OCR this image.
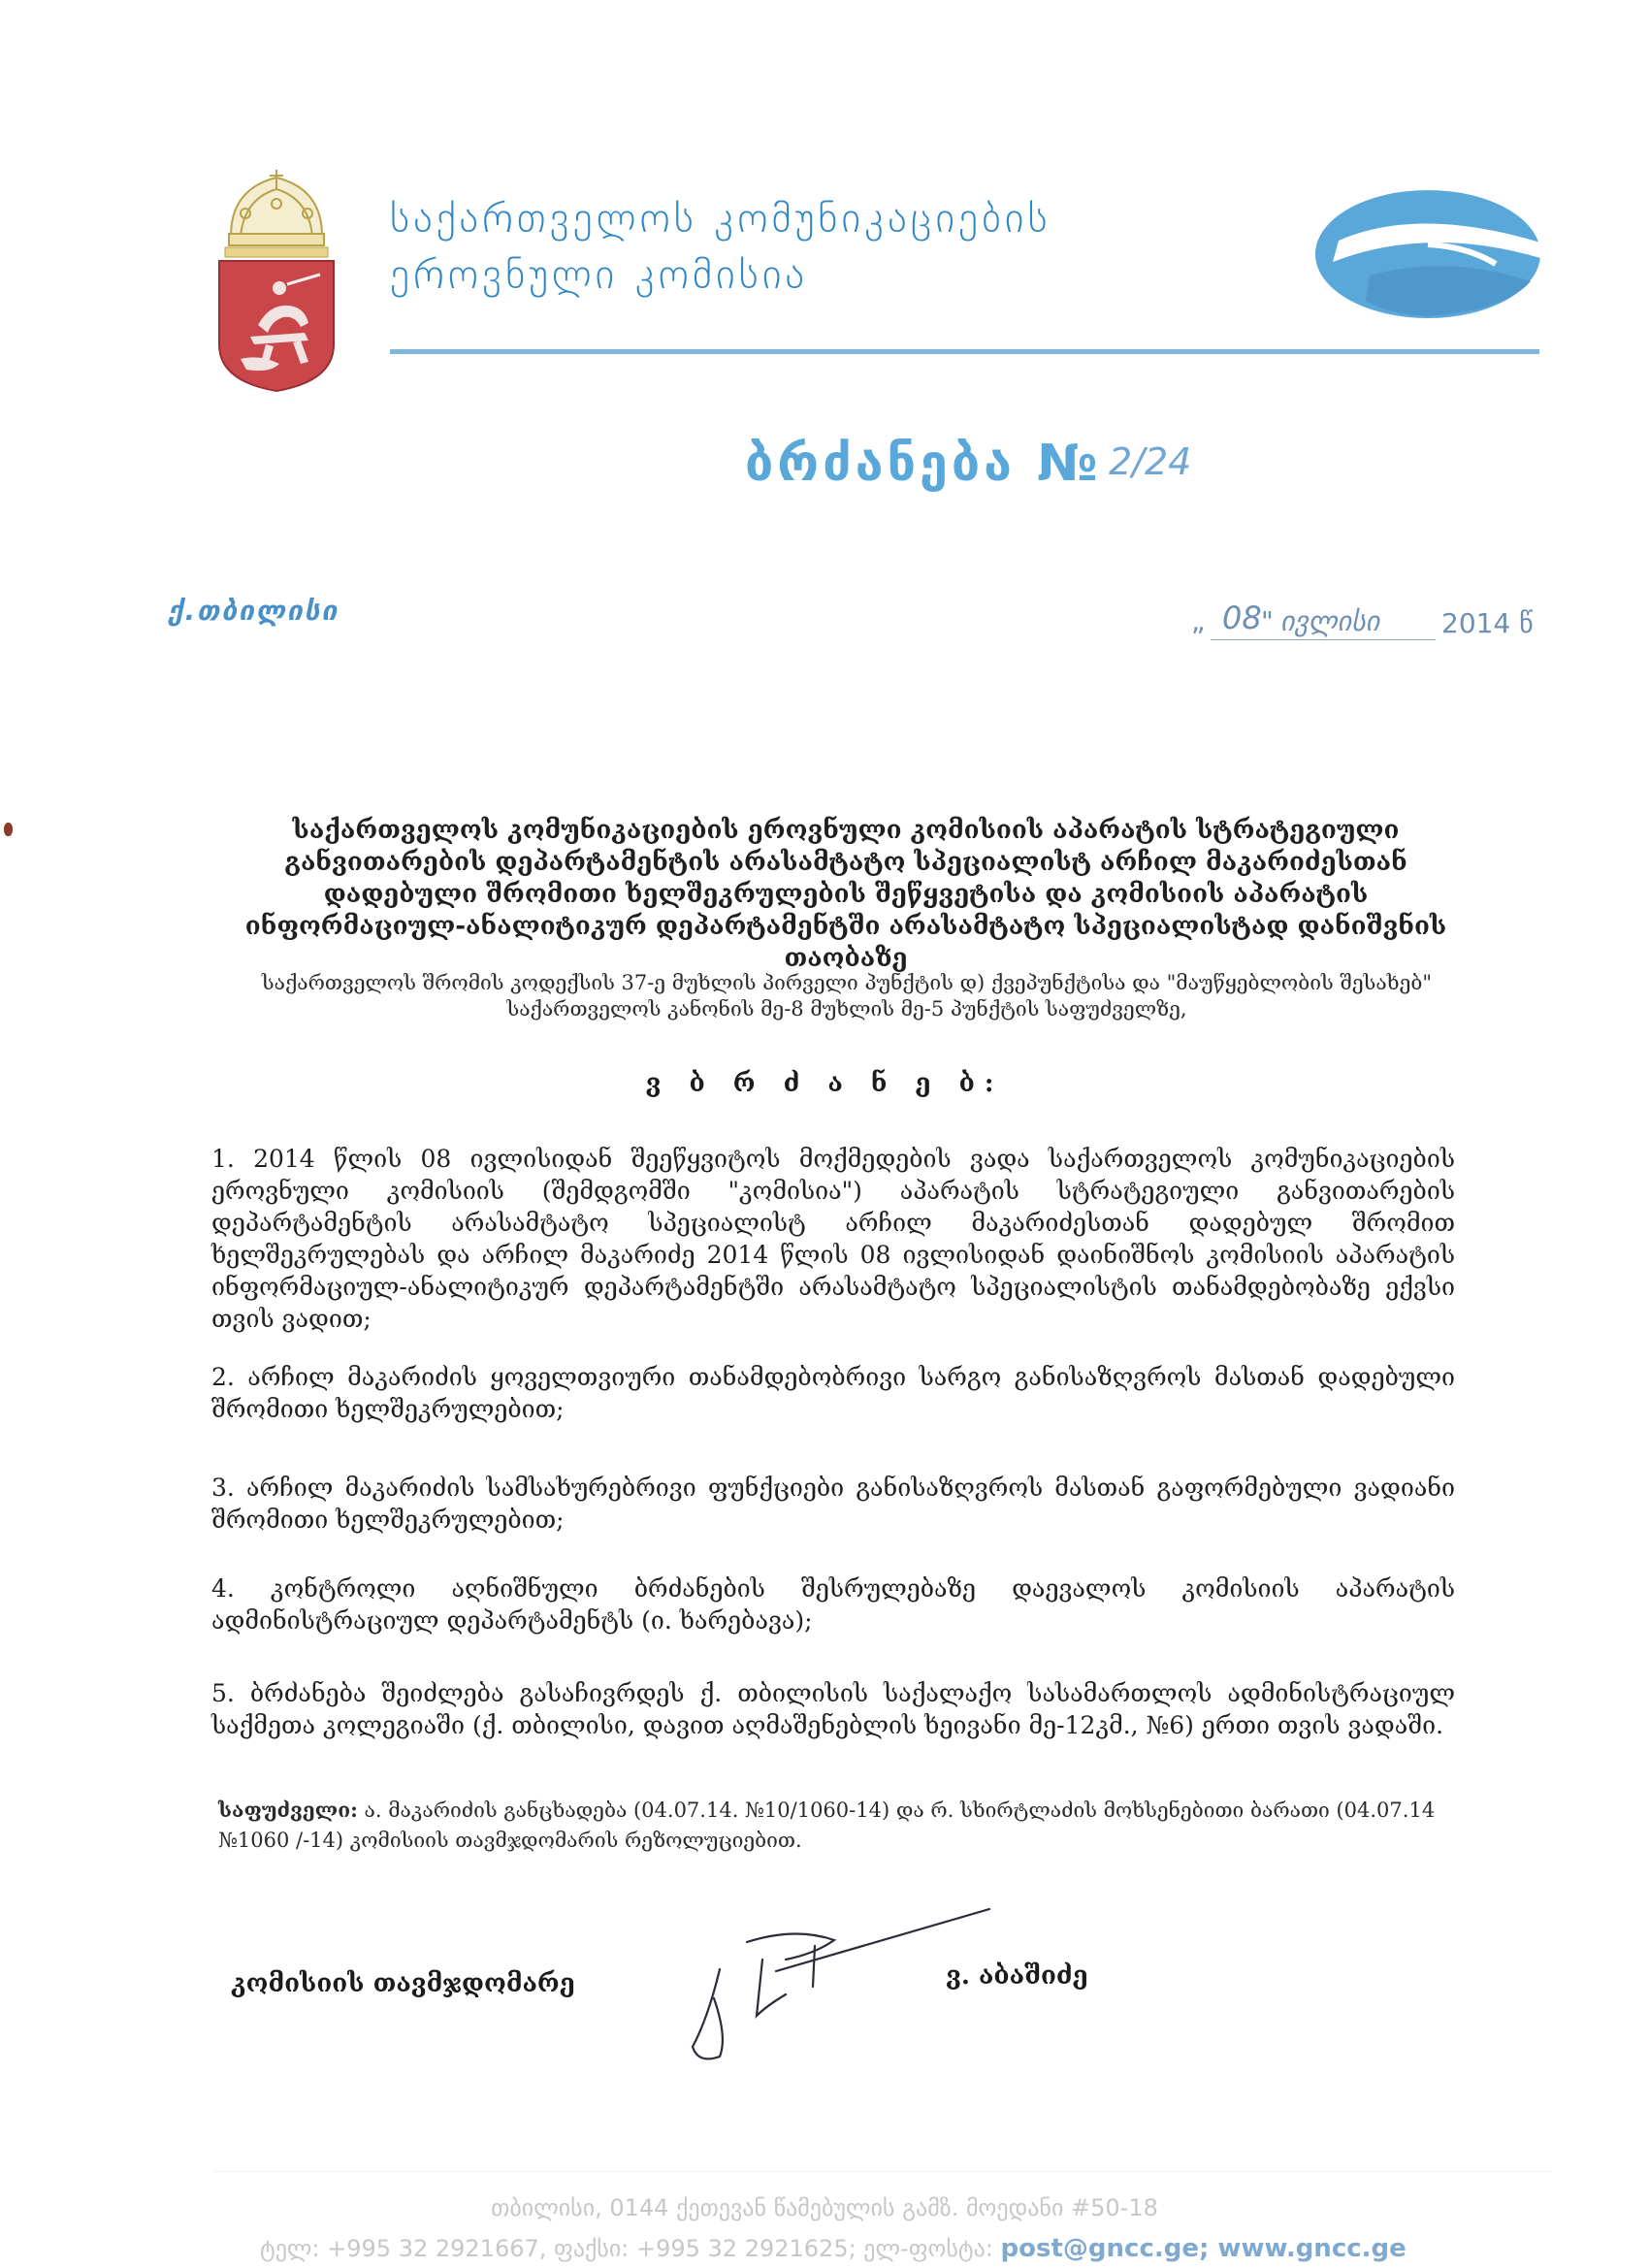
საქართველოს კომუნიკაციების
ეროვნული კომისია
ბრძანება № 2/24
ქ.თბილისი	„ 08 " ივლისი 2014 წ
საქართველოს კომუნიკაციების ეროვნული კომისიის აპარატის სტრატეგიული განვითარების დეპარტამენტის არასამტატო სპეციალისტ არჩილ მაკარიძესთან დადებული შრომითი ხელშეკრულების შეწყვეტისა და კომისიის აპარატის ინფორმაციულ-ანალიტიკურ დეპარტამენტში არასამტატო სპეციალისტად დანიშვნის თაობაზე
საქართველოს შრომის კოდექსის 37-ე მუხლის პირველი პუნქტის დ) ქვეპუნქტისა და "მაუწყებლობის შესახებ" საქართველოს კანონის მე-8 მუხლის მე-5 პუნქტის საფუძველზე,
ვ ბ რ ძ ა ნ ე ბ:
1. 2014 წლის 08 ივლისიდან შეეწყვიტოს მოქმედების ვადა საქართველოს კომუნიკაციების ეროვნული კომისიის (შემდგომში "კომისია") აპარატის სტრატეგიული განვითარების დეპარტამენტის არასამტატო სპეციალისტ არჩილ მაკარიძესთან დადებულ შრომით ხელშეკრულებას და არჩილ მაკარიძე 2014 წლის 08 ივლისიდან დაინიშნოს კომისიის აპარატის ინფორმაციულ-ანალიტიკურ დეპარტამენტში არასამტატო სპეციალისტის თანამდებობაზე ექვსი თვის ვადით;
2. არჩილ მაკარიძის ყოველთვიური თანამდებობრივი სარგო განისაზღვროს მასთან დადებული შრომითი ხელშეკრულებით;
3. არჩილ მაკარიძის სამსახურებრივი ფუნქციები განისაზღვროს მასთან გაფორმებული ვადიანი შრომითი ხელშეკრულებით;
4. კონტროლი აღნიშნული ბრძანების შესრულებაზე დაევალოს კომისიის აპარატის ადმინისტრაციულ დეპარტამენტს (ი. ხარებავა);
5. ბრძანება შეიძლება გასაჩივრდეს ქ. თბილისის საქალაქო სასამართლოს ადმინისტრაციულ საქმეთა კოლეგიაში (ქ. თბილისი, დავით აღმაშენებლის ხეივანი მე-12კმ., №6) ერთი თვის ვადაში.
საფუძველი: ა. მაკარიძის განცხადება (04.07.14. №10/1060-14) და რ. სხირტლაძის მოხსენებითი ბარათი (04.07.14 №1060 /-14) კომისიის თავმჯდომარის რეზოლუციებით.
კომისიის თავმჯდომარე	ვ. აბაშიძე
თბილისი, 0144 ქეთევან წამებულის გამზ. მოედანი #50-18
ტელ: +995 32 2921667, ფაქსი: +995 32 2921625; ელ-ფოსტა: post@gncc.ge; www.gncc.ge
